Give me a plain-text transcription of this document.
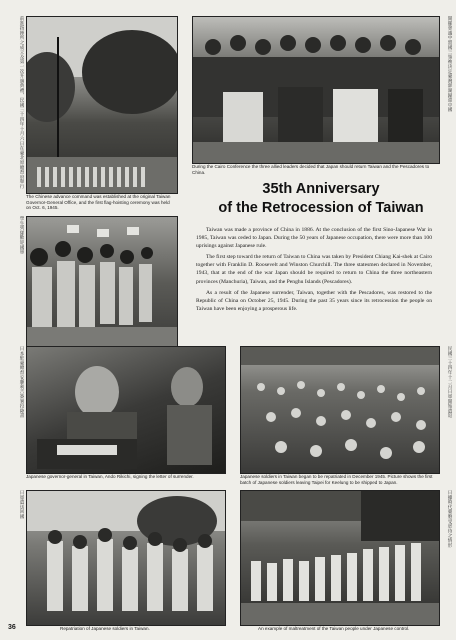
前進指揮所之成立及第一次升旗典禮，民國三十四年十月六日在臺北原總督府舉行
The Chinese advance command was established at the original Taiwan Governor-General Office, and the first flag-hoisting ceremony was held on Oct. 6, 1945.
開羅會議中盟國三領袖決定臺灣澎湖歸還中國
During the Cairo Conference the three allied leaders decided that Japan should return Taiwan and the Pescadores to China.
35th Anniversary
of the Retrocession of Taiwan

Taiwan was made a province of China in 1886. At the conclusion of the first Sino-Japanese War in 1985, Taiwan was ceded to Japan. During the 50 years of Japanese occupation, there were more than 100 uprisings against Japanese rule.

The first step toward the return of Taiwan to China was taken by President Chiang Kai-shek at Cairo together with Franklin D. Roosevelt and Winston Churchill. The three statesmen declared in November, 1943, that at the end of the war Japan should be required to return to China the three northeastern provinces (Manchuria), Taiwan, and the Penghu Islands (Pescadores).

As a result of the Japanese surrender, Taiwan, together with the Pescadores, was restored to the Republic of China on October 25, 1945. During the past 35 years since its retrocession the people on Taiwan have been enjoying a prosperous life.

學生列隊歡迎國軍
日本駐臺總督安藤利吉簽署投降書
Japanese governor-general in Taiwan, Ando Rikichi, signing the letter of surrender.
民國三十四年十二月日軍開始遣返
Japanese soldiers in Taiwan began to be repatriated in December 1945. Picture shows the first batch of Japanese soldiers leaving Taipei for Keelung to be shipped to Japan.
日軍遣送回國
Repatriation of Japanese soldiers in Taiwan.
日據時代臺胞受虐待之情形
An example of maltreatment of the Taiwan people under Japanese control.
36
